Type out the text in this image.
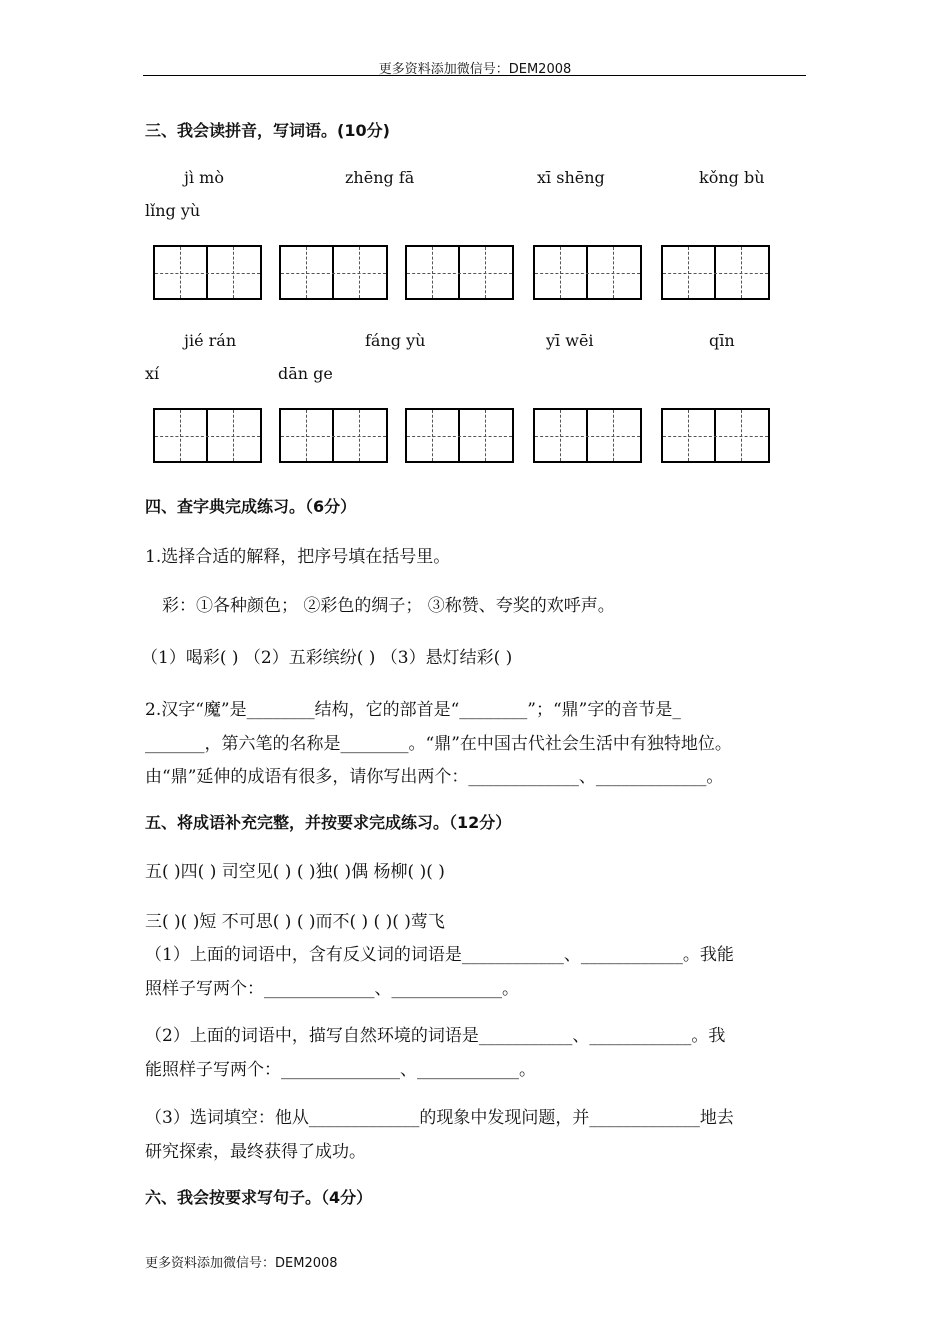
更多资料添加微信号：DEM2008
三、我会读拼音，写词语。(10分)
jì mò	zhēng fā	xī shēng	kǒng bù
lǐng yù
jié rán	fáng yù	yī wēi	qīn
xí	dān ge
四、查字典完成练习。（6分）
1.选择合适的解释，把序号填在括号里。
彩：①各种颜色； ②彩色的绸子； ③称赞、夸奖的欢呼声。
（1）喝彩( ) （2）五彩缤纷( ) （3）悬灯结彩( )
2.汉字“魔”是________结构，它的部首是“________”；“鼎”字的音节是_
_______，第六笔的名称是________。“鼎”在中国古代社会生活中有独特地位。
由“鼎”延伸的成语有很多，请你写出两个：_____________、_____________。
五、将成语补充完整，并按要求完成练习。（12分）
五( )四( ) 司空见( ) ( )独( )偶 杨柳( )( )
三( )( )短 不可思( ) ( )而不( ) ( )( )莺飞
（1）上面的词语中，含有反义词的词语是____________、____________。我能
照样子写两个：_____________、_____________。
（2）上面的词语中，描写自然环境的词语是___________、____________。我
能照样子写两个：______________、____________。
（3）选词填空：他从_____________的现象中发现问题，并_____________地去
研究探索，最终获得了成功。
六、我会按要求写句子。（4分）
更多资料添加微信号：DEM2008
